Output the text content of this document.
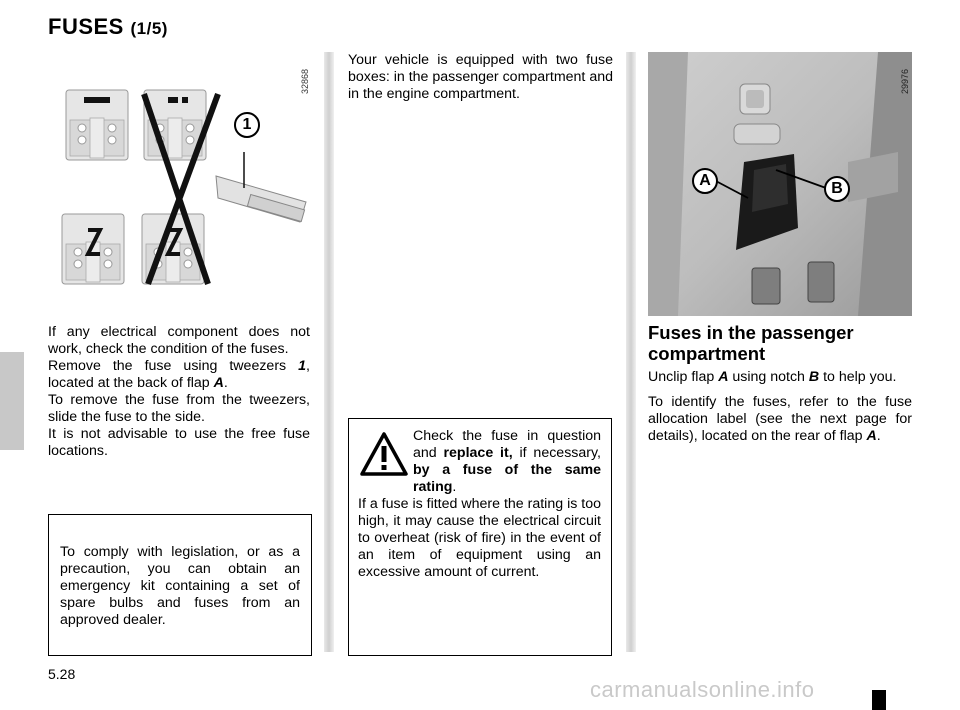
FUSES (1/5)
1
32868

If any electrical component does not work, check the condition of the fuses.

Remove the fuse using tweezers 1, located at the back of flap A.

To remove the fuse from the tweezers, slide the fuse to the side.

It is not advisable to use the free fuse locations.

To comply with legislation, or as a precaution, you can obtain an emergency kit containing a set of spare bulbs and fuses from an approved dealer.
Your vehicle is equipped with two fuse boxes: in the passenger compartment and in the engine compartment.
Check the fuse in question and replace it, if necessary, by a fuse of the same rating.
If a fuse is fitted where the rating is too high, it may cause the electrical circuit to overheat (risk of fire) in the event of an item of equipment using an excessive amount of current.
A	B
29976
Fuses in the passenger compartment
Unclip flap A using notch B to help you.
To identify the fuses, refer to the fuse allocation label (see the next page for details), located on the rear of flap A.
5.28
carmanualsonline.info
